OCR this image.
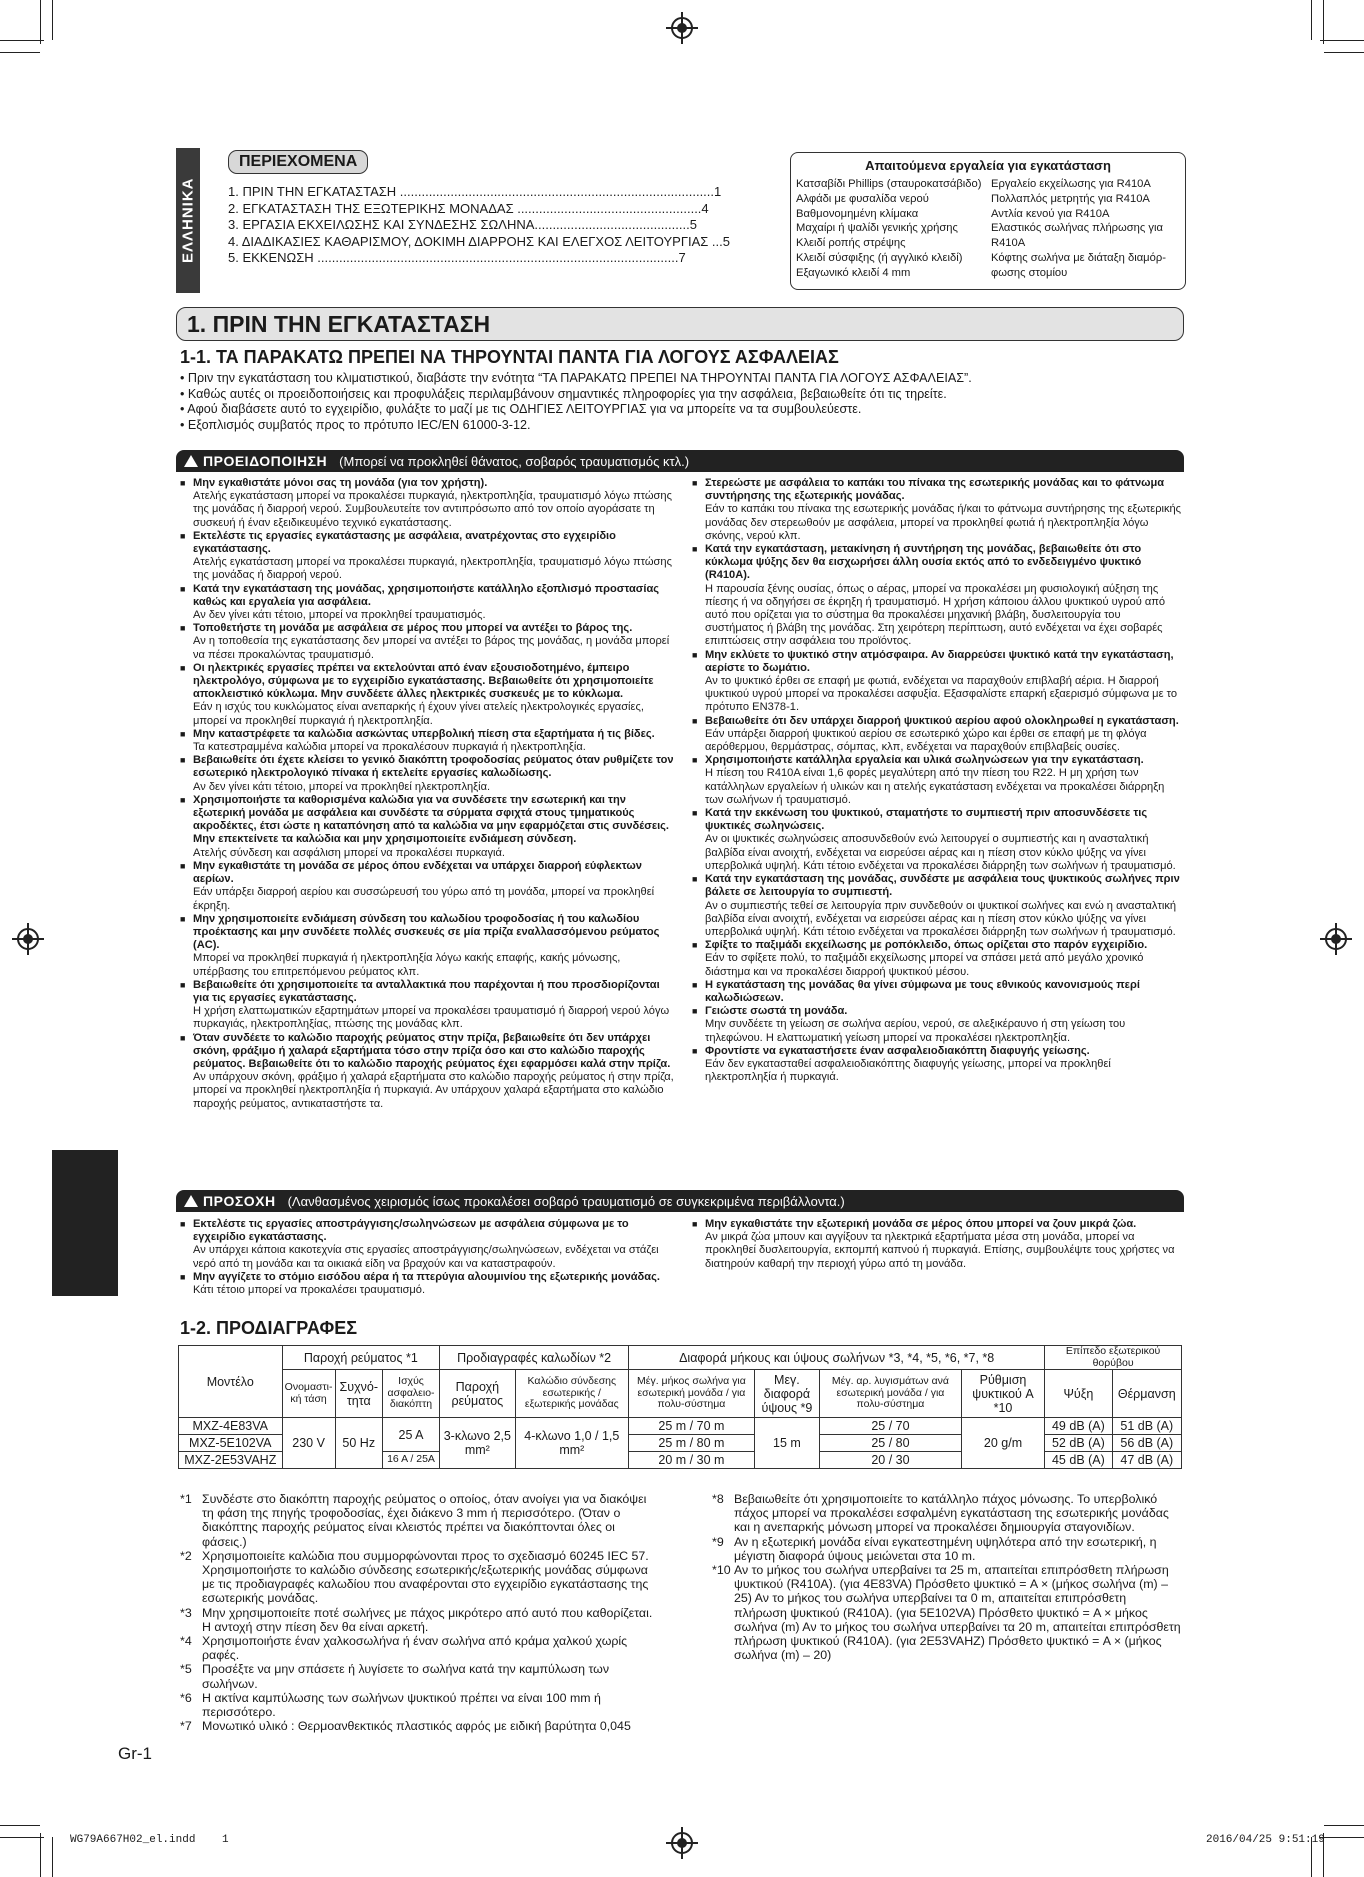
ΕΛΛΗΝΙΚΑ
ΠΕΡΙΕΧΟΜΕΝΑ
1. ΠΡΙΝ ΤΗΝ ΕΓΚΑΤΑΣΤΑΣΗ .......................................................................................1
2. ΕΓΚΑΤΑΣΤΑΣΗ ΤΗΣ ΕΞΩΤΕΡΙΚΗΣ ΜΟΝΑΔΑΣ ...................................................4
3. ΕΡΓΑΣΙΑ ΕΚΧΕΙΛΩΣΗΣ ΚΑΙ ΣΥΝΔΕΣΗΣ ΣΩΛΗΝΑ...........................................5
4. ΔΙΑΔΙΚΑΣΙΕΣ ΚΑΘΑΡΙΣΜΟΥ, ΔΟΚΙΜΗ ΔΙΑΡΡΟΗΣ ΚΑΙ ΕΛΕΓΧΟΣ ΛΕΙΤΟΥΡΓΙΑΣ ...5
5. ΕΚΚΕΝΩΣΗ ....................................................................................................7
Απαιτούμενα εργαλεία για εγκατάσταση
Κατσαβίδι Phillips (σταυροκατσάβιδο)
Αλφάδι με φυσαλίδα νερού
Βαθμονομημένη κλίμακα
Μαχαίρι ή ψαλίδι γενικής χρήσης
Κλειδί ροπής στρέψης
Κλειδί σύσφιξης (ή αγγλικό κλειδί)
Εξαγωνικό κλειδί 4 mm
Εργαλείο εκχείλωσης για R410A
Πολλαπλός μετρητής για R410A
Αντλία κενού για R410A
Ελαστικός σωλήνας πλήρωσης για R410A
Κόφτης σωλήνα με διάταξη διαμόρ-
φωσης στομίου
1. ΠΡΙΝ ΤΗΝ ΕΓΚΑΤΑΣΤΑΣΗ
1-1. ΤΑ ΠΑΡΑΚΑΤΩ ΠΡΕΠΕΙ ΝΑ ΤΗΡΟΥΝΤΑΙ ΠΑΝΤΑ ΓΙΑ ΛΟΓΟΥΣ ΑΣΦΑΛΕΙΑΣ
• Πριν την εγκατάσταση του κλιματιστικού, διαβάστε την ενότητα “ΤΑ ΠΑΡΑΚΑΤΩ ΠΡΕΠΕΙ ΝΑ ΤΗΡΟΥΝΤΑΙ ΠΑΝΤΑ ΓΙΑ ΛΟΓΟΥΣ ΑΣΦΑΛΕΙΑΣ”.
• Καθώς αυτές οι προειδοποιήσεις και προφυλάξεις περιλαμβάνουν σημαντικές πληροφορίες για την ασφάλεια, βεβαιωθείτε ότι τις τηρείτε.
• Αφού διαβάσετε αυτό το εγχειρίδιο, φυλάξτε το μαζί με τις ΟΔΗΓΙΕΣ ΛΕΙΤΟΥΡΓΙΑΣ για να μπορείτε να τα συμβουλεύεστε.
• Εξοπλισμός συμβατός προς το πρότυπο IEC/EN 61000-3-12.
ΠΡΟΕΙΔΟΠΟΙΗΣΗ (Μπορεί να προκληθεί θάνατος, σοβαρός τραυματισμός κτλ.)

■ Μην εγκαθιστάτε μόνοι σας τη μονάδα (για τον χρήστη).
Ατελής εγκατάσταση μπορεί να προκαλέσει πυρκαγιά, ηλεκτροπληξία, τραυματισμό λόγω πτώσης της μονάδας ή διαρροή νερού. Συμβουλευτείτε τον αντιπρόσωπο από τον οποίο αγοράσατε τη συσκευή ή έναν εξειδικευμένο τεχνικό εγκατάστασης.

■ Εκτελέστε τις εργασίες εγκατάστασης με ασφάλεια, ανατρέχοντας στο εγχειρίδιο εγκατάστασης.
Ατελής εγκατάσταση μπορεί να προκαλέσει πυρκαγιά, ηλεκτροπληξία, τραυματισμό λόγω πτώσης της μονάδας ή διαρροή νερού.

■ Κατά την εγκατάσταση της μονάδας, χρησιμοποιήστε κατάλληλο εξοπλισμό προστασίας καθώς και εργαλεία για ασφάλεια.
Αν δεν γίνει κάτι τέτοιο, μπορεί να προκληθεί τραυματισμός.

■ Τοποθετήστε τη μονάδα με ασφάλεια σε μέρος που μπορεί να αντέξει το βάρος της.
Αν η τοποθεσία της εγκατάστασης δεν μπορεί να αντέξει το βάρος της μονάδας, η μονάδα μπορεί να πέσει προκαλώντας τραυματισμό.

■ Οι ηλεκτρικές εργασίες πρέπει να εκτελούνται από έναν εξουσιοδοτημένο, έμπειρο ηλεκτρολόγο, σύμφωνα με το εγχειρίδιο εγκατάστασης. Βεβαιωθείτε ότι χρησιμοποιείτε αποκλειστικό κύκλωμα. Μην συνδέετε άλλες ηλεκτρικές συσκευές με το κύκλωμα.
Εάν η ισχύς του κυκλώματος είναι ανεπαρκής ή έχουν γίνει ατελείς ηλεκτρολογικές εργασίες, μπορεί να προκληθεί πυρκαγιά ή ηλεκτροπληξία.

■ Μην καταστρέφετε τα καλώδια ασκώντας υπερβολική πίεση στα εξαρτήματα ή τις βίδες.
Τα κατεστραμμένα καλώδια μπορεί να προκαλέσουν πυρκαγιά ή ηλεκτροπληξία.

■ Βεβαιωθείτε ότι έχετε κλείσει το γενικό διακόπτη τροφοδοσίας ρεύματος όταν ρυθμίζετε τον εσωτερικό ηλεκτρολογικό πίνακα ή εκτελείτε εργασίες καλωδίωσης.
Αν δεν γίνει κάτι τέτοιο, μπορεί να προκληθεί ηλεκτροπληξία.

■ Χρησιμοποιήστε τα καθορισμένα καλώδια για να συνδέσετε την εσωτερική και την εξωτερική μονάδα με ασφάλεια και συνδέστε τα σύρματα σφιχτά στους τμηματικούς ακροδέκτες, έτσι ώστε η καταπόνηση από τα καλώδια να μην εφαρμόζεται στις συνδέσεις. Μην επεκτείνετε τα καλώδια και μην χρησιμοποιείτε ενδιάμεση σύνδεση.
Ατελής σύνδεση και ασφάλιση μπορεί να προκαλέσει πυρκαγιά.

■ Μην εγκαθιστάτε τη μονάδα σε μέρος όπου ενδέχεται να υπάρχει διαρροή εύφλεκτων αερίων.
Εάν υπάρξει διαρροή αερίου και συσσώρευσή του γύρω από τη μονάδα, μπορεί να προκληθεί έκρηξη.

■ Μην χρησιμοποιείτε ενδιάμεση σύνδεση του καλωδίου τροφοδοσίας ή του καλωδίου προέκτασης και μην συνδέετε πολλές συσκευές σε μία πρίζα εναλλασσόμενου ρεύματος (AC).
Μπορεί να προκληθεί πυρκαγιά ή ηλεκτροπληξία λόγω κακής επαφής, κακής μόνωσης, υπέρβασης του επιτρεπόμενου ρεύματος κλπ.

■ Βεβαιωθείτε ότι χρησιμοποιείτε τα ανταλλακτικά που παρέχονται ή που προσδιορίζονται για τις εργασίες εγκατάστασης.
Η χρήση ελαττωματικών εξαρτημάτων μπορεί να προκαλέσει τραυματισμό ή διαρροή νερού λόγω πυρκαγιάς, ηλεκτροπληξίας, πτώσης της μονάδας κλπ.

■ Όταν συνδέετε το καλώδιο παροχής ρεύματος στην πρίζα, βεβαιωθείτε ότι δεν υπάρχει σκόνη, φράξιμο ή χαλαρά εξαρτήματα τόσο στην πρίζα όσο και στο καλώδιο παροχής ρεύματος. Βεβαιωθείτε ότι το καλώδιο παροχής ρεύματος έχει εφαρμόσει καλά στην πρίζα.
Αν υπάρχουν σκόνη, φράξιμο ή χαλαρά εξαρτήματα στο καλώδιο παροχής ρεύματος ή στην πρίζα, μπορεί να προκληθεί ηλεκτροπληξία ή πυρκαγιά. Αν υπάρχουν χαλαρά εξαρτήματα στο καλώδιο παροχής ρεύματος, αντικαταστήστε τα.

■ Στερεώστε με ασφάλεια το καπάκι του πίνακα της εσωτερικής μονάδας και το φάτνωμα συντήρησης της εξωτερικής μονάδας.
Εάν το καπάκι του πίνακα της εσωτερικής μονάδας ή/και το φάτνωμα συντήρησης της εξωτερικής μονάδας δεν στερεωθούν με ασφάλεια, μπορεί να προκληθεί φωτιά ή ηλεκτροπληξία λόγω σκόνης, νερού κλπ.

■ Κατά την εγκατάσταση, μετακίνηση ή συντήρηση της μονάδας, βεβαιωθείτε ότι στο κύκλωμα ψύξης δεν θα εισχωρήσει άλλη ουσία εκτός από το ενδεδειγμένο ψυκτικό (R410A).
Η παρουσία ξένης ουσίας, όπως ο αέρας, μπορεί να προκαλέσει μη φυσιολογική αύξηση της πίεσης ή να οδηγήσει σε έκρηξη ή τραυματισμό. Η χρήση κάποιου άλλου ψυκτικού υγρού από αυτό που ορίζεται για το σύστημα θα προκαλέσει μηχανική βλάβη, δυσλειτουργία του συστήματος ή βλάβη της μονάδας. Στη χειρότερη περίπτωση, αυτό ενδέχεται να έχει σοβαρές επιπτώσεις στην ασφάλεια του προϊόντος.

■ Μην εκλύετε το ψυκτικό στην ατμόσφαιρα. Αν διαρρεύσει ψυκτικό κατά την εγκατάσταση, αερίστε το δωμάτιο.
Αν το ψυκτικό έρθει σε επαφή με φωτιά, ενδέχεται να παραχθούν επιβλαβή αέρια. Η διαρροή ψυκτικού υγρού μπορεί να προκαλέσει ασφυξία. Εξασφαλίστε επαρκή εξαερισμό σύμφωνα με το πρότυπο EN378-1.

■ Βεβαιωθείτε ότι δεν υπάρχει διαρροή ψυκτικού αερίου αφού ολοκληρωθεί η εγκατάσταση.
Εάν υπάρξει διαρροή ψυκτικού αερίου σε εσωτερικό χώρο και έρθει σε επαφή με τη φλόγα αερόθερμου, θερμάστρας, σόμπας, κλπ, ενδέχεται να παραχθούν επιβλαβείς ουσίες.

■ Χρησιμοποιήστε κατάλληλα εργαλεία και υλικά σωληνώσεων για την εγκατάσταση.
Η πίεση του R410A είναι 1,6 φορές μεγαλύτερη από την πίεση του R22. Η μη χρήση των κατάλληλων εργαλείων ή υλικών και η ατελής εγκατάσταση ενδέχεται να προκαλέσει διάρρηξη των σωλήνων ή τραυματισμό.

■ Κατά την εκκένωση του ψυκτικού, σταματήστε το συμπιεστή πριν αποσυνδέσετε τις ψυκτικές σωληνώσεις.
Αν οι ψυκτικές σωληνώσεις αποσυνδεθούν ενώ λειτουργεί ο συμπιεστής και η ανασταλτική βαλβίδα είναι ανοιχτή, ενδέχεται να εισρεύσει αέρας και η πίεση στον κύκλο ψύξης να γίνει υπερβολικά υψηλή. Κάτι τέτοιο ενδέχεται να προκαλέσει διάρρηξη των σωλήνων ή τραυματισμό.

■ Κατά την εγκατάσταση της μονάδας, συνδέστε με ασφάλεια τους ψυκτικούς σωλήνες πριν βάλετε σε λειτουργία το συμπιεστή.
Αν ο συμπιεστής τεθεί σε λειτουργία πριν συνδεθούν οι ψυκτικοί σωλήνες και ενώ η ανασταλτική βαλβίδα είναι ανοιχτή, ενδέχεται να εισρεύσει αέρας και η πίεση στον κύκλο ψύξης να γίνει υπερβολικά υψηλή. Κάτι τέτοιο ενδέχεται να προκαλέσει διάρρηξη των σωλήνων ή τραυματισμό.

■ Σφίξτε το παξιμάδι εκχείλωσης με ροπόκλειδο, όπως ορίζεται στο παρόν εγχειρίδιο.
Εάν το σφίξετε πολύ, το παξιμάδι εκχείλωσης μπορεί να σπάσει μετά από μεγάλο χρονικό διάστημα και να προκαλέσει διαρροή ψυκτικού μέσου.

■ Η εγκατάσταση της μονάδας θα γίνει σύμφωνα με τους εθνικούς κανονισμούς περί καλωδιώσεων.

■ Γειώστε σωστά τη μονάδα.
Μην συνδέετε τη γείωση σε σωλήνα αερίου, νερού, σε αλεξικέραυνο ή στη γείωση του τηλεφώνου. Η ελαττωματική γείωση μπορεί να προκαλέσει ηλεκτροπληξία.

■ Φροντίστε να εγκαταστήσετε έναν ασφαλειοδιακόπτη διαφυγής γείωσης.
Εάν δεν εγκατασταθεί ασφαλειοδιακόπτης διαφυγής γείωσης, μπορεί να προκληθεί ηλεκτροπληξία ή πυρκαγιά.

ΠΡΟΣΟΧΗ (Λανθασμένος χειρισμός ίσως προκαλέσει σοβαρό τραυματισμό σε συγκεκριμένα περιβάλλοντα.)

■ Εκτελέστε τις εργασίες αποστράγγισης/σωληνώσεων με ασφάλεια σύμφωνα με το εγχειρίδιο εγκατάστασης.
Αν υπάρχει κάποια κακοτεχνία στις εργασίες αποστράγγισης/σωληνώσεων, ενδέχεται να στάζει νερό από τη μονάδα και τα οικιακά είδη να βραχούν και να καταστραφούν.

■ Μην αγγίζετε το στόμιο εισόδου αέρα ή τα πτερύγια αλουμινίου της εξωτερικής μονάδας.
Κάτι τέτοιο μπορεί να προκαλέσει τραυματισμό.

■ Μην εγκαθιστάτε την εξωτερική μονάδα σε μέρος όπου μπορεί να ζουν μικρά ζώα.
Αν μικρά ζώα μπουν και αγγίξουν τα ηλεκτρικά εξαρτήματα μέσα στη μονάδα, μπορεί να προκληθεί δυσλειτουργία, εκπομπή καπνού ή πυρκαγιά. Επίσης, συμβουλέψτε τους χρήστες να διατηρούν καθαρή την περιοχή γύρω από τη μονάδα.

1-2. ΠΡΟΔΙΑΓΡΑΦΕΣ
Μοντέλο	Παροχή ρεύματος *1			Προδιαγραφές καλωδίων *2		Διαφορά μήκους και ύψους σωλήνων *3, *4, *5, *6, *7, *8				Επίπεδο εξωτερικού θορύβου	
	Ονομαστι-κή τάση	Συχνό-τητα	Ισχύς ασφαλειο-διακόπτη	Παροχή ρεύματος	Καλώδιο σύνδεσης εσωτερικής / εξωτερικής μονάδας	Μέγ. μήκος σωλήνα για εσωτερική μονάδα / για πολυ-σύστημα	Μεγ. διαφορά ύψους *9	Μέγ. αρ. λυγισμάτων ανά εσωτερική μονάδα / για πολυ-σύστημα	Ρύθμιση ψυκτικού A *10	Ψύξη	Θέρμανση
MXZ-4E83VA	230 V	50 Hz	25 A	3-κλωνο 2,5 mm²	4-κλωνο 1,0 / 1,5 mm²	25 m / 70 m	15 m	25 / 70	20 g/m	49 dB (A)	51 dB (A)
MXZ-5E102VA						25 m / 80 m		25 / 80		52 dB (A)	56 dB (A)
MXZ-2E53VAHZ			16 A / 25A			20 m / 30 m		20 / 30		45 dB (A)	47 dB (A)
*1 Συνδέστε στο διακόπτη παροχής ρεύματος ο οποίος, όταν ανοίγει για να διακόψει τη φάση της πηγής τροφοδοσίας, έχει διάκενο 3 mm ή περισσότερο. (Όταν ο διακόπτης παροχής ρεύματος είναι κλειστός πρέπει να διακόπτονται όλες οι φάσεις.)
*2 Χρησιμοποιείτε καλώδια που συμμορφώνονται προς το σχεδιασμό 60245 IEC 57. Χρησιμοποιήστε το καλώδιο σύνδεσης εσωτερικής/εξωτερικής μονάδας σύμφωνα με τις προδιαγραφές καλωδίου που αναφέρονται στο εγχειρίδιο εγκατάστασης της εσωτερικής μονάδας.
*3 Μην χρησιμοποιείτε ποτέ σωλήνες με πάχος μικρότερο από αυτό που καθορίζεται. Η αντοχή στην πίεση δεν θα είναι αρκετή.
*4 Χρησιμοποιήστε έναν χαλκοσωλήνα ή έναν σωλήνα από κράμα χαλκού χωρίς ραφές.
*5 Προσέξτε να μην σπάσετε ή λυγίσετε το σωλήνα κατά την καμπύλωση των σωλήνων.
*6 Η ακτίνα καμπύλωσης των σωλήνων ψυκτικού πρέπει να είναι 100 mm ή περισσότερο.
*7 Μονωτικό υλικό : Θερμοανθεκτικός πλαστικός αφρός με ειδική βαρύτητα 0,045
*8 Βεβαιωθείτε ότι χρησιμοποιείτε το κατάλληλο πάχος μόνωσης. Το υπερβολικό πάχος μπορεί να προκαλέσει εσφαλμένη εγκατάσταση της εσωτερικής μονάδας και η ανεπαρκής μόνωση μπορεί να προκαλέσει δημιουργία σταγονιδίων.
*9 Αν η εξωτερική μονάδα είναι εγκατεστημένη υψηλότερα από την εσωτερική, η μέγιστη διαφορά ύψους μειώνεται στα 10 m.
*10 Αν το μήκος του σωλήνα υπερβαίνει τα 25 m, απαιτείται επιπρόσθετη πλήρωση ψυκτικού (R410A). (για 4E83VA) Πρόσθετο ψυκτικό = A × (μήκος σωλήνα (m) – 25) Αν το μήκος του σωλήνα υπερβαίνει τα 0 m, απαιτείται επιπρόσθετη πλήρωση ψυκτικού (R410A). (για 5E102VA) Πρόσθετο ψυκτικό = A × μήκος σωλήνα (m) Αν το μήκος του σωλήνα υπερβαίνει τα 20 m, απαιτείται επιπρόσθετη πλήρωση ψυκτικού (R410A). (για 2E53VAHZ) Πρόσθετο ψυκτικό = A × (μήκος σωλήνα (m) – 20)
Gr-1
WG79A667H02_el.indd 1	2016/04/25 9:51:19
